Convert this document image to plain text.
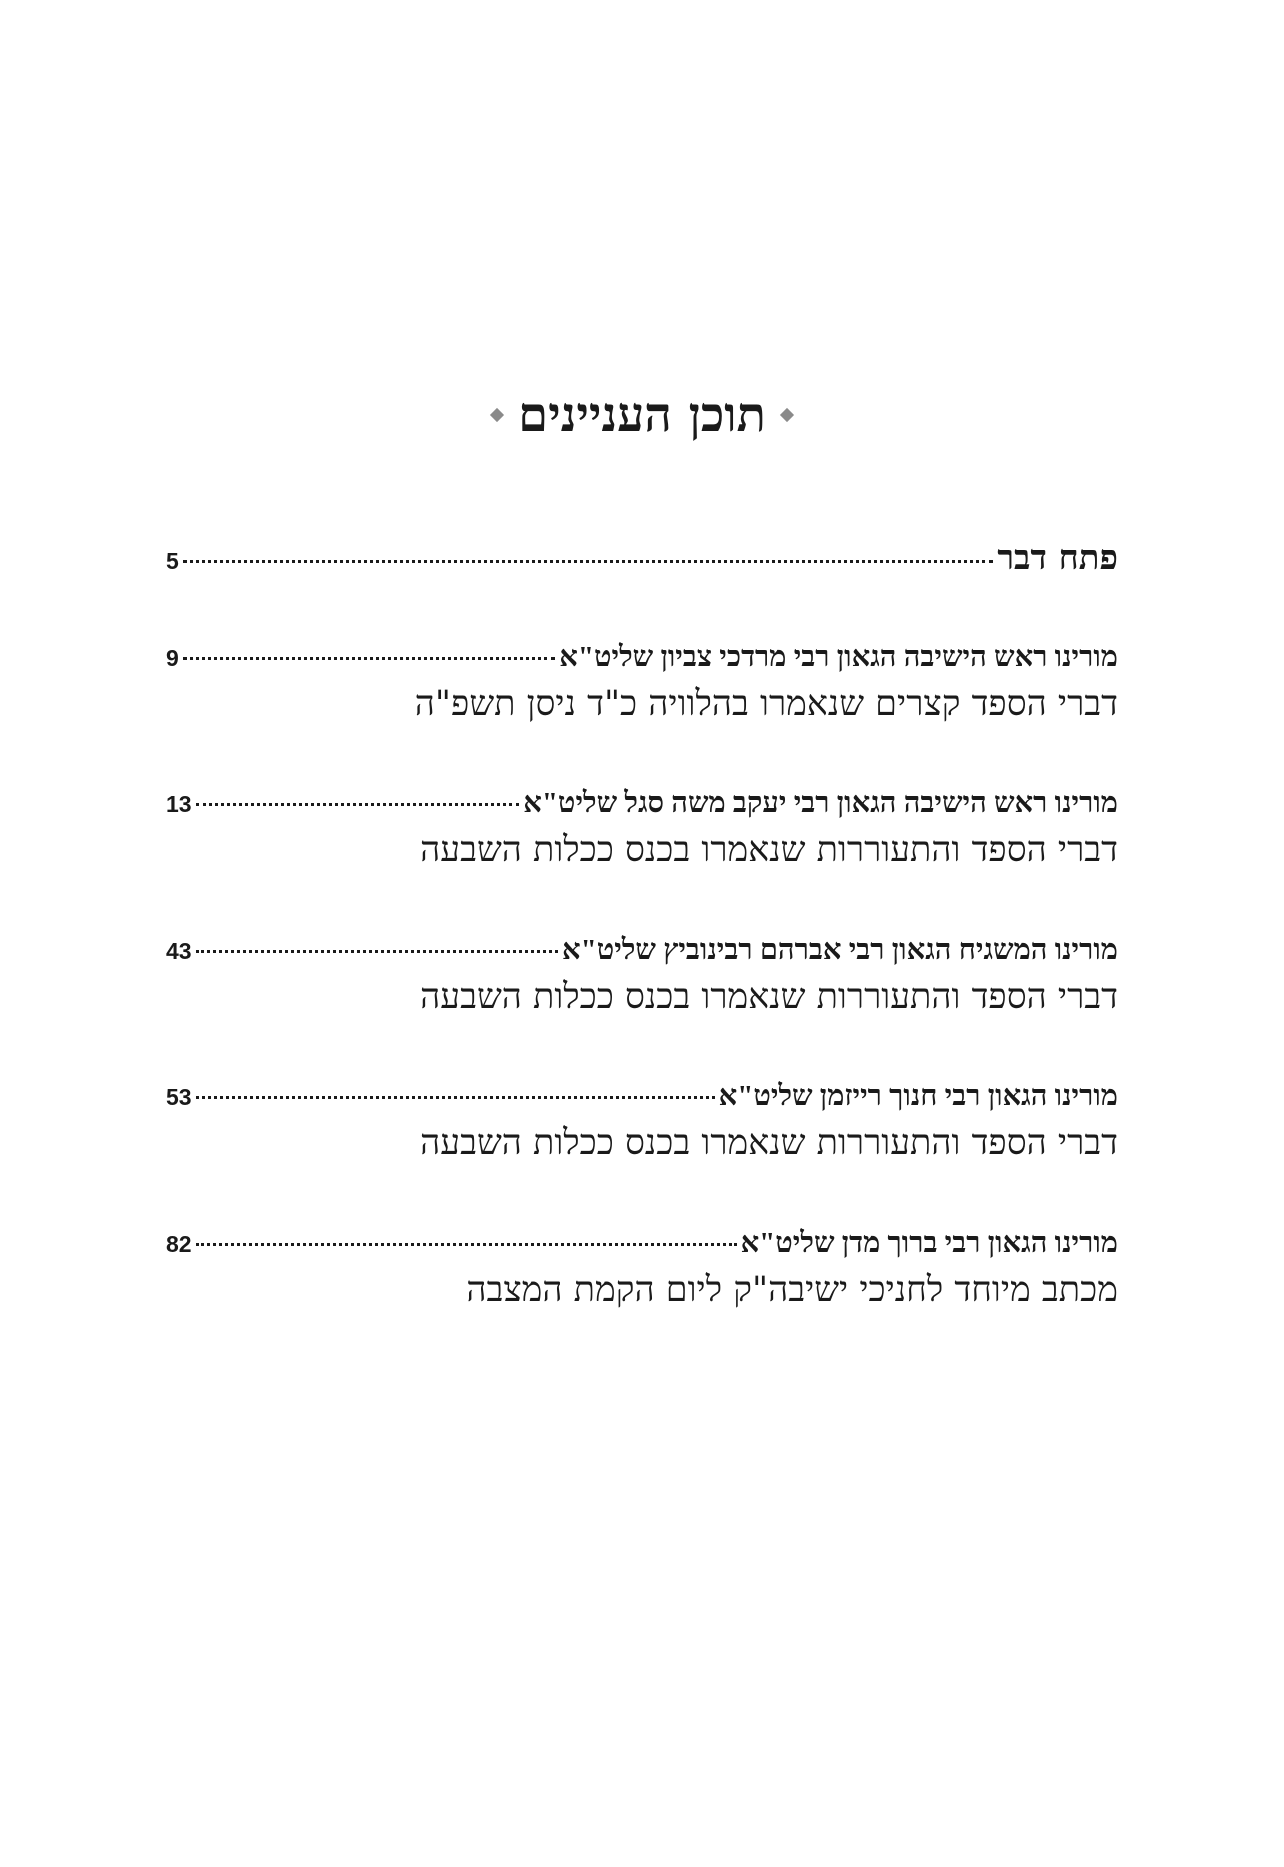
תוכן העניינים
פתח דבר
5
מורינו ראש הישיבה הגאון רבי מרדכי צביון שליט"א
9
דברי הספד קצרים שנאמרו בהלוויה כ"ד ניסן תשפ"ה
מורינו ראש הישיבה הגאון רבי יעקב משה סגל שליט"א
13
דברי הספד והתעוררות שנאמרו בכנס ככלות השבעה
מורינו המשגיח הגאון רבי אברהם רבינוביץ שליט"א
43
דברי הספד והתעוררות שנאמרו בכנס ככלות השבעה
מורינו הגאון רבי חנוך רייזמן שליט"א
53
דברי הספד והתעוררות שנאמרו בכנס ככלות השבעה
מורינו הגאון רבי ברוך מדן שליט"א
82
מכתב מיוחד לחניכי ישיבה"ק ליום הקמת המצבה
